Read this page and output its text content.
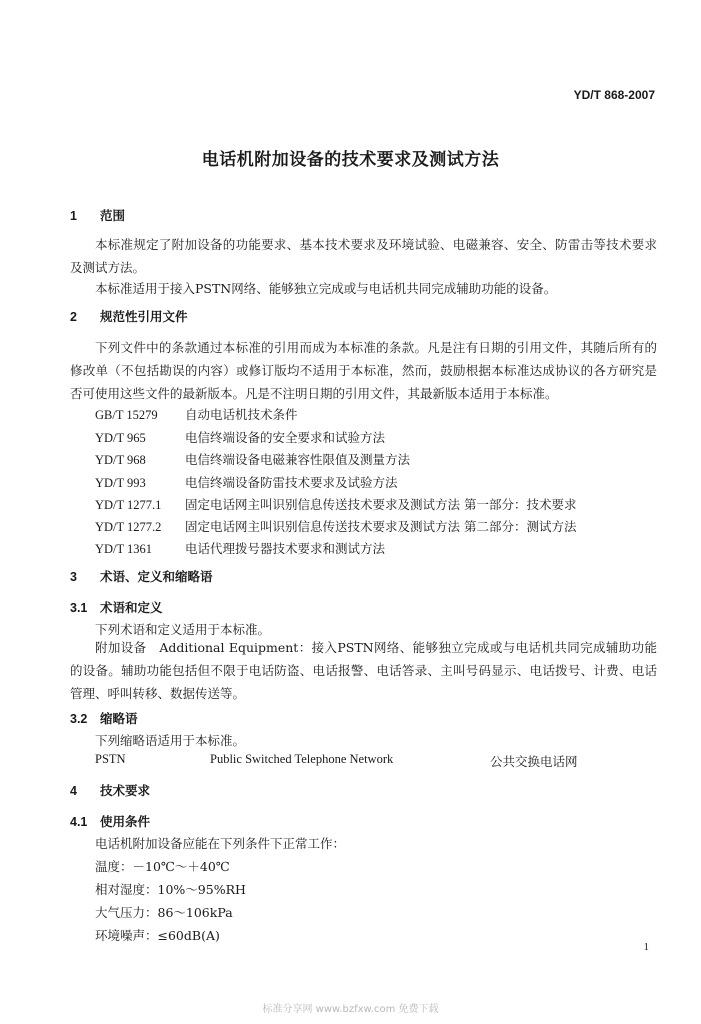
YD/T 868-2007
电话机附加设备的技术要求及测试方法
1 范围
本标准规定了附加设备的功能要求、基本技术要求及环境试验、电磁兼容、安全、防雷击等技术要求及测试方法。
本标准适用于接入PSTN网络、能够独立完成或与电话机共同完成辅助功能的设备。
2 规范性引用文件
下列文件中的条款通过本标准的引用而成为本标准的条款。凡是注有日期的引用文件，其随后所有的修改单（不包括勘误的内容）或修订版均不适用于本标准，然而，鼓励根据本标准达成协议的各方研究是否可使用这些文件的最新版本。凡是不注明日期的引用文件，其最新版本适用于本标准。
GB/T 15279 自动电话机技术条件
YD/T 965	电信终端设备的安全要求和试验方法
YD/T 968	电信终端设备电磁兼容性限值及测量方法
YD/T 993	电信终端设备防雷技术要求及试验方法
YD/T 1277.1 固定电话网主叫识别信息传送技术要求及测试方法 第一部分：技术要求
YD/T 1277.2 固定电话网主叫识别信息传送技术要求及测试方法 第二部分：测试方法
YD/T 1361	电话代理拨号器技术要求和测试方法
3 术语、定义和缩略语
3.1 术语和定义
下列术语和定义适用于本标准。
附加设备　Additional Equipment：接入PSTN网络、能够独立完成或与电话机共同完成辅助功能的设备。辅助功能包括但不限于电话防盗、电话报警、电话答录、主叫号码显示、电话拨号、计费、电话管理、呼叫转移、数据传送等。
3.2 缩略语
下列缩略语适用于本标准。
PSTN	Public Switched Telephone Network	公共交换电话网
4 技术要求
4.1 使用条件
电话机附加设备应能在下列条件下正常工作：
温度：－10℃～＋40℃
相对湿度：10%～95%RH
大气压力：86～106kPa
环境噪声：≤60dB(A)
1
标准分享网 www.bzfxw.com 免费下载
